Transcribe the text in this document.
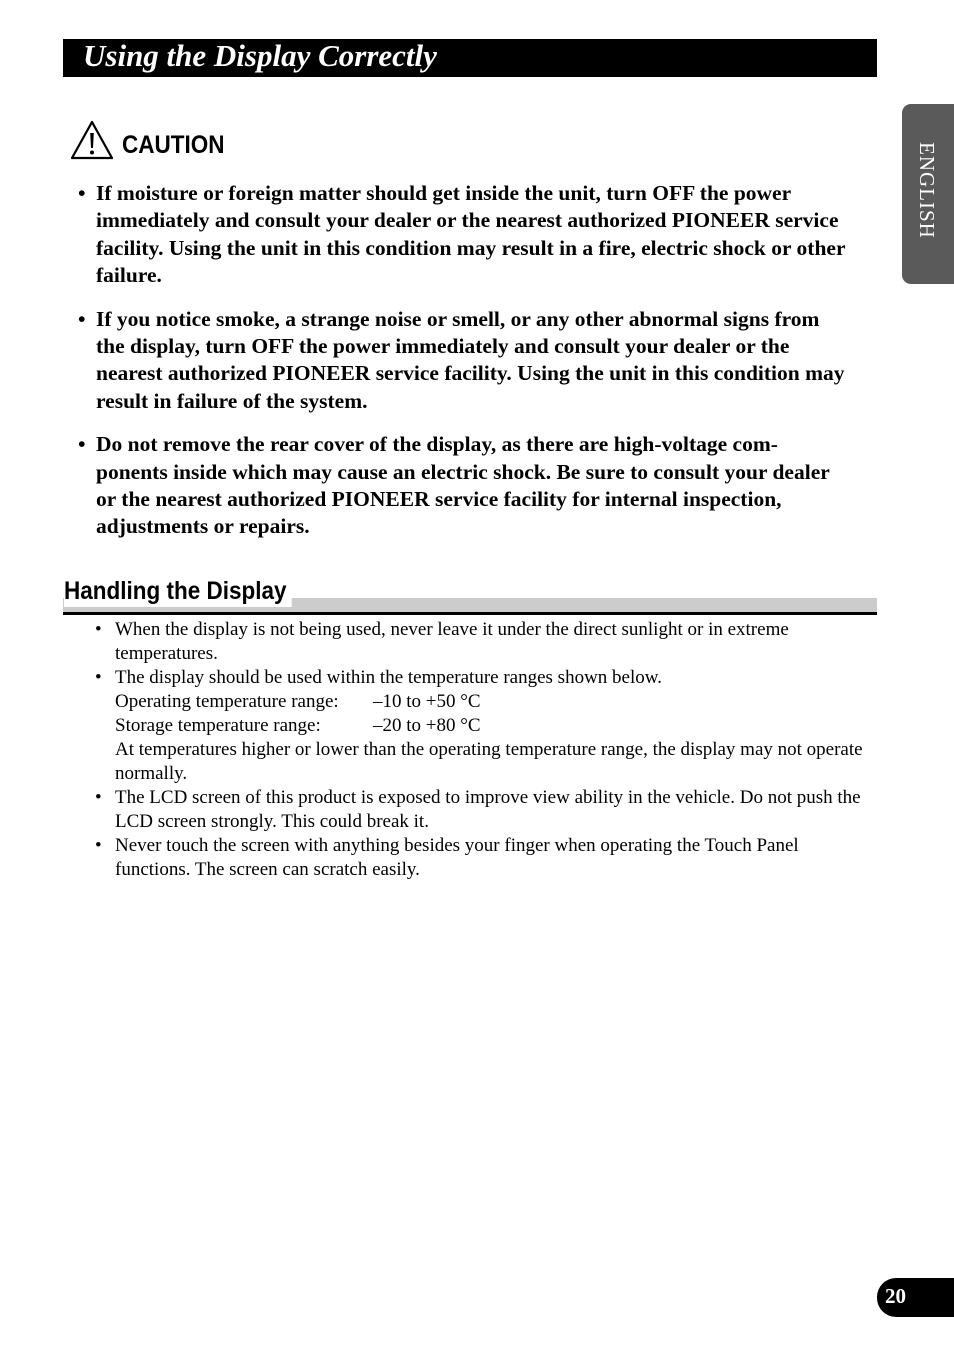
Using the Display Correctly
ENGLISH
CAUTION
• If moisture or foreign matter should get inside the unit, turn OFF the power immediately and consult your dealer or the nearest authorized PIONEER service facility. Using the unit in this condition may result in a fire, electric shock or other failure.
• If you notice smoke, a strange noise or smell, or any other abnormal signs from the display, turn OFF the power immediately and consult your dealer or the nearest authorized PIONEER service facility. Using the unit in this condition may result in failure of the system.
• Do not remove the rear cover of the display, as there are high-voltage com-ponents inside which may cause an electric shock. Be sure to consult your dealer or the nearest authorized PIONEER service facility for internal inspection, adjustments or repairs.
Handling the Display
• When the display is not being used, never leave it under the direct sunlight or in extreme temperatures.
• The display should be used within the temperature ranges shown below.
Operating temperature range: –10 to +50 °C
Storage temperature range:	–20 to +80 °C
At temperatures higher or lower than the operating temperature range, the display may not operate normally.
• The LCD screen of this product is exposed to improve view ability in the vehicle. Do not push the LCD screen strongly. This could break it.
• Never touch the screen with anything besides your finger when operating the Touch Panel functions. The screen can scratch easily.
20
